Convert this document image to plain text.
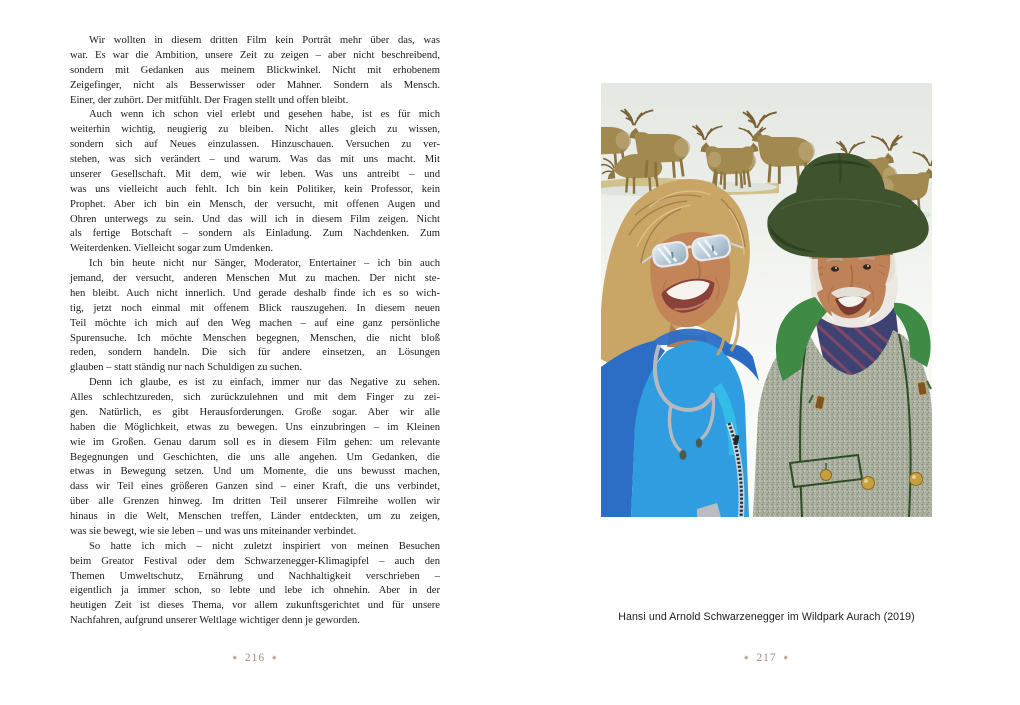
Wir wollten in diesem dritten Film kein Porträt mehr über das, was
war. Es war die Ambition, unsere Zeit zu zeigen – aber nicht beschreibend,
sondern mit Gedanken aus meinem Blickwinkel. Nicht mit erhobenem
Zeigefinger, nicht als Besserwisser oder Mahner. Sondern als Mensch.
Einer, der zuhört. Der mitfühlt. Der Fragen stellt und offen bleibt.
Auch wenn ich schon viel erlebt und gesehen habe, ist es für mich
weiterhin wichtig, neugierig zu bleiben. Nicht alles gleich zu wissen,
sondern sich auf Neues einzulassen. Hinzuschauen. Versuchen zu ver-
stehen, was sich verändert – und warum. Was das mit uns macht. Mit
unserer Gesellschaft. Mit dem, wie wir leben. Was uns antreibt – und
was uns vielleicht auch fehlt. Ich bin kein Politiker, kein Professor, kein
Prophet. Aber ich bin ein Mensch, der versucht, mit offenen Augen und
Ohren unterwegs zu sein. Und das will ich in diesem Film zeigen. Nicht
als fertige Botschaft – sondern als Einladung. Zum Nachdenken. Zum
Weiterdenken. Vielleicht sogar zum Umdenken.
Ich bin heute nicht nur Sänger, Moderator, Entertainer – ich bin auch
jemand, der versucht, anderen Menschen Mut zu machen. Der nicht ste-
hen bleibt. Auch nicht innerlich. Und gerade deshalb finde ich es so wich-
tig, jetzt noch einmal mit offenem Blick rauszugehen. In diesem neuen
Teil möchte ich mich auf den Weg machen – auf eine ganz persönliche
Spurensuche. Ich möchte Menschen begegnen, Menschen, die nicht bloß
reden, sondern handeln. Die sich für andere einsetzen, an Lösungen
glauben – statt ständig nur nach Schuldigen zu suchen.
Denn ich glaube, es ist zu einfach, immer nur das Negative zu sehen.
Alles schlechtzureden, sich zurückzulehnen und mit dem Finger zu zei-
gen. Natürlich, es gibt Herausforderungen. Große sogar. Aber wir alle
haben die Möglichkeit, etwas zu bewegen. Uns einzubringen – im Kleinen
wie im Großen. Genau darum soll es in diesem Film gehen: um relevante
Begegnungen und Geschichten, die uns alle angehen. Um Gedanken, die
etwas in Bewegung setzen. Und um Momente, die uns bewusst machen,
dass wir Teil eines größeren Ganzen sind – einer Kraft, die uns verbindet,
über alle Grenzen hinweg. Im dritten Teil unserer Filmreihe wollen wir
hinaus in die Welt, Menschen treffen, Länder entdeckten, um zu zeigen,
was sie bewegt, wie sie leben – und was uns miteinander verbindet.
So hatte ich mich – nicht zuletzt inspiriert von meinen Besuchen
beim Greator Festival oder dem Schwarzenegger-Klimagipfel – auch den
Themen Umweltschutz, Ernährung und Nachhaltigkeit verschrieben –
eigentlich ja immer schon, so lebte und lebe ich ohnehin. Aber in der
heutigen Zeit ist dieses Thema, vor allem zukunftsgerichtet und für unsere
Nachfahren, aufgrund unserer Weltlage wichtiger denn je geworden.
◆ 216 ◆
Hansi und Arnold Schwarzenegger im Wildpark Aurach (2019)
◆ 217 ◆
